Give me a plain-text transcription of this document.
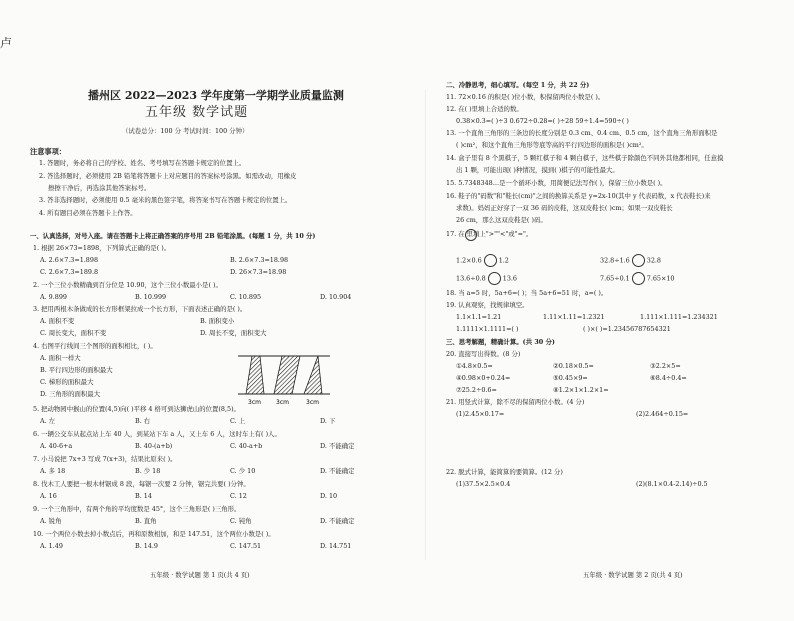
卢
播州区 2022—2023 学年度第一学期学业质量监测
五年级 数学试题
（试卷总分：100 分 考试时间：100 分钟）
注意事项：
1. 答题时，务必将自己的学校、姓名、考号填写在答题卡规定的位置上。
2. 答选择题时，必须使用 2B 铅笔将答题卡上对应题目的答案标号涂黑。如需改动，用橡皮
擦擦干净后，再选涂其他答案标号。
3. 答非选择题时，必须使用 0.5 毫米的黑色签字笔，将答案书写在答题卡规定的位置上。
4. 所有题目必须在答题卡上作答。
一、认真选择，对号入座。请在答题卡上将正确答案的序号用 2B 铅笔涂黑。(每题 1 分，共 10 分)
1. 根据 26×73=1898，下列算式正确的是( )。
A. 2.6×7.3=1.898	B. 2.6×7.3=18.98
C. 2.6×7.3=189.8	D. 26×7.3=18.98
2. 一个三位小数精确到百分位是 10.90，这个三位小数最小是( )。
A. 9.899	B. 10.999	C. 10.895	D. 10.904
3. 把用两根木条做成的长方形框架拉成一个长方形，下面表述正确的是( )。
A. 面积不变	B. 面积变小
C. 周长变大，面积不变	D. 周长不变，面积变大
4. 右图平行线间三个图形的面积相比，( )。
A. 面积一样大
B. 平行四边形的面积最大
C. 梯形的面积最大
D. 三角形的面积最大
3cm	3cm	3cm
5. 把动物园中猴山的位置(4,5)向( )平移 4 格可到达狮虎山的位置(8,5)。
A. 左	B. 右	C. 上	D. 下
6. 一辆公交车从起点站上车 40 人，到某站下车 a 人，又上车 6 人，这时车上有( )人。
A. 40-6+a	B. 40-(a+b)	C. 40-a+b	D. 不能确定
7. 小马说把 7x+3 写成 7(x+3)，结果比原来( )。
A. 多 18	B. 少 18	C. 少 10	D. 不能确定
8. 伐木工人要把一根木材锯成 8 段，每锯一次要 2 分钟，锯完共要( )分钟。
A. 16	B. 14	C. 12	D. 10
9. 一个三角形中，有两个角的平均度数是 45°，这个三角形是( )三角形。
A. 锐角	B. 直角	C. 钝角	D. 不能确定
10. 一个两位小数去掉小数点后，再和原数相加，和是 147.51，这个两位小数是( )。
A. 1.49	B. 14.9	C. 147.51	D. 14.751
五年级 · 数学试题 第 1 页(共 4 页)
二、冷静思考，细心填写。(每空 1 分，共 22 分)
11. 72×0.16 的积是( )位小数，积保留两位小数是( )。
12. 在( )里填上合适的数。
0.38×0.3=( )÷3 0.672÷0.28=( )÷28 59÷1.4=590÷( )
13. 一个直角三角形的三条边的长度分别是 0.3 cm、0.4 cm、0.5 cm，这个直角三角形面积是
( )cm²，和这个直角三角形等底等高的平行四边形的面积是( )cm²。
14. 盒子里有 8 个黑棋子，5 颗红棋子和 4 颗白棋子，这些棋子除颜色不同外其他都相同，任意摸
出 1 颗，可能出现( )种情况，摸到( )棋子的可能性最大。
15. 5.7348348…是一个循环小数，用简便记法写作( )，保留三位小数是( )。
16. 鞋子的"码数"和"鞋长(cm)"之间的换算关系是 y=2x-10(其中 y 代表码数，x 代表鞋长)来
求数)。妈妈正好穿了一双 36 码的皮鞋，这双皮鞋长( )cm；如果一双皮鞋长
26 cm，那么这双皮鞋是( )码。
17. 在 里填上">""<"或"="。
1.2×0.6	1.2	32.8÷1.6	32.8
13.6÷0.8	13.6	7.65÷0.1	7.65×10
18. 当 a=5 时，5a+6=( )；当 5a+6=51 时，a=( )。
19. 认真观察，找规律填空。
1.1×1.1=1.21	1.11×1.11=1.2321	1.111×1.111=1.234321
1.1111×1.1111=( )	( )×( )=1.23456787654321
三、思考解题，精确计算。(共 30 分)
20. 直接写出得数。(8 分)
①4.8×0.5=	②0.18×0.5=	③2.2×5=
④0.98×0+0.24=	⑤0.45×9=	⑥8.4÷0.4=
⑦25.2÷0.6=	⑧1.2×1×1.2×1=
21. 用竖式计算，除不尽的保留两位小数。(4 分)
(1)2.45×0.17=	(2)2.464÷0.15=
22. 脱式计算，能简算的要简算。(12 分)
(1)37.5×2.5×0.4	(2)(8.1×0.4-2.14)÷0.5
五年级 · 数学试题 第 2 页(共 4 页)
